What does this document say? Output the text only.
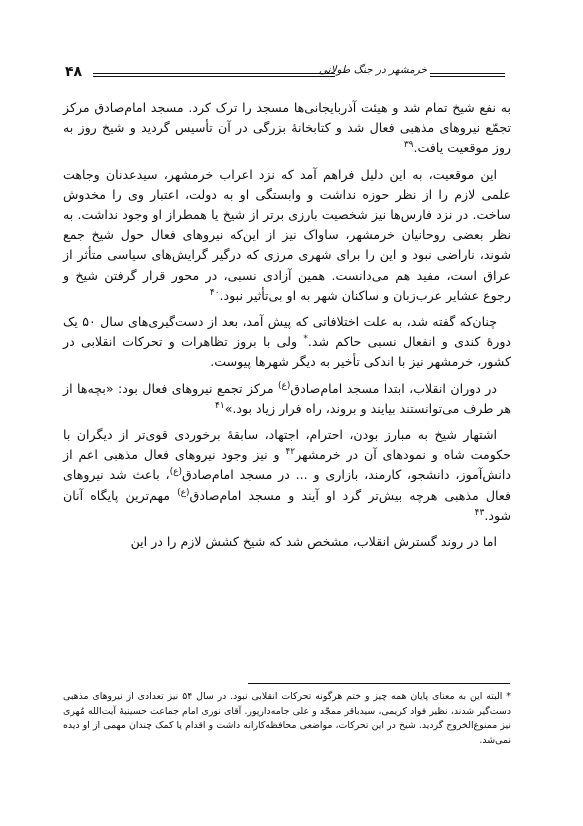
۴۸	خرمشهر در جنگ طولانی

به نفع شیخ تمام شد و هیئت آذربایجانی‌ها مسجد را ترک کرد. مسجد امام‌صادق مرکز تجمّع نیروهای مذهبی فعال شد و کتابخانهٔ بزرگی در آن تأسیس گردید و شیخ روز به روز موقعیت یافت.$^{۳۹}$

این موقعیت، به این دلیل فراهم آمد که نزد اعراب خرمشهر، سیدعدنان وجاهت علمی لازم را از نظر حوزه نداشت و وابستگی او به دولت، اعتبار وی را مخدوش ساخت. در نزد فارس‌ها نیز شخصیت بارزی برتر از شیخ یا همطراز او وجود نداشت. به نظر بعضی روحانیان خرمشهر، ساواک نیز از این‌که نیروهای فعال حول شیخ جمع شوند، ناراضی نبود و این را برای شهری مرزی که درگیر گرایش‌های سیاسی متأثر از عراق است، مفید هم می‌دانست. همین آزادی نسبی، در محور قرار گرفتن شیخ و رجوع عشایر عرب‌زبان و ساکنان شهر به او بی‌تأثیر نبود.$^{۴۰}$

چنان‌که گفته شد، به علت اختلافاتی که پیش آمد، بعد از دست‌گیری‌های سال ۵۰ یک دورهٔ کندی و انفعال نسبی حاکم شد.* ولی با بروز تظاهرات و تحرکات انقلابی در کشور، خرمشهر نیز با اندکی تأخیر به دیگر شهرها پیوست.

در دوران انقلاب، ابتدا مسجد امام‌صادق$^{(ع)}$ مرکز تجمع نیروهای فعال بود: «بچه‌ها از هر طرف می‌توانستند بیایند و بروند، راه فرار زیاد بود.»$^{۴۱}$

اشتهار شیخ به مبارز بودن، احترام، اجتهاد، سابقهٔ برخوردی قوی‌تر از دیگران با حکومت شاه و نمودهای آن در خرمشهر$^{۴۲}$ و نیز وجود نیروهای فعال مذهبی اعم از دانش‌آموز، دانشجو، کارمند، بازاری و ... در مسجد امام‌صادق$^{(ع)}$، باعث شد نیروهای فعال مذهبی هرچه بیش‌تر گرد او آیند و مسجد امام‌صادق$^{(ع)}$ مهم‌ترین پایگاه آنان شود.$^{۴۳}$

اما در روند گسترش انقلاب، مشخص شد که شیخ کشش لازم را در این

* البته این به معنای پایان همه چیز و ختم هرگونه تحرکات انقلابی نبود. در سال ۵۴ نیز تعدادی از نیروهای مذهبی دست‌گیر شدند، نظیر فواد کریمی، سیدباقر ممجّد و علی جامه‌دارپور. آقای نوری امام جماعت حسینیهٔ آیت‌الله مُهری نیز ممنوع‌الخروج گردید. شیخ در این تحرکات، مواضعی محافظه‌کارانه داشت و اقدام یا کمک چندان مهمی از او دیده نمی‌شد.
